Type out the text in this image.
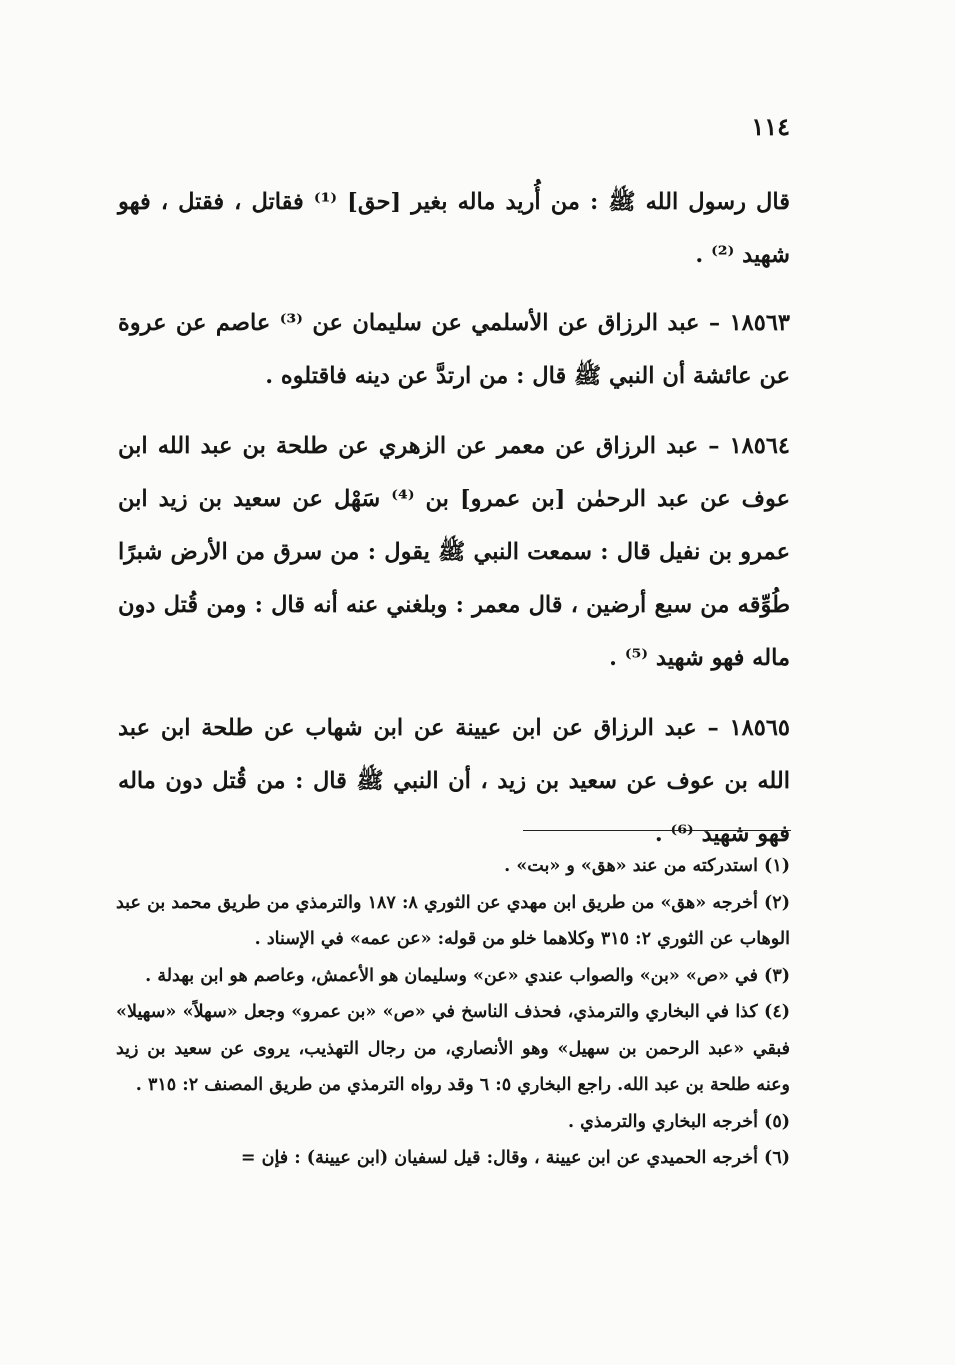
١١٤

قال رسول الله ﷺ : من أُريد ماله بغير [حق] ⁽¹⁾ فقاتل ، فقتل ، فهو شهيد ⁽²⁾ .

١٨٥٦٣ – عبد الرزاق عن الأسلمي عن سليمان عن ⁽³⁾ عاصم عن عروة عن عائشة أن النبي ﷺ قال : من ارتدَّ عن دينه فاقتلوه .

١٨٥٦٤ – عبد الرزاق عن معمر عن الزهري عن طلحة بن عبد الله ابن عوف عن عبد الرحمٰن [بن عمرو] بن ⁽⁴⁾ سَهْل عن سعيد بن زيد ابن عمرو بن نفيل قال : سمعت النبي ﷺ يقول : من سرق من الأرض شبرًا طُوِّقه من سبع أرضين ، قال معمر : وبلغني عنه أنه قال : ومن قُتل دون ماله فهو شهيد ⁽⁵⁾ .

١٨٥٦٥ – عبد الرزاق عن ابن عيينة عن ابن شهاب عن طلحة ابن عبد الله بن عوف عن سعيد بن زيد ، أن النبي ﷺ قال : من قُتل دون ماله فهو شهيد ⁽⁶⁾ .

(١) استدركته من عند «هق» و «بت» .

(٢) أخرجه «هق» من طريق ابن مهدي عن الثوري ٨: ١٨٧ والترمذي من طريق محمد بن عبد الوهاب عن الثوري ٢: ٣١٥ وكلاهما خلو من قوله: «عن عمه» في الإسناد .

(٣) في «ص» «بن» والصواب عندي «عن» وسليمان هو الأعمش، وعاصم هو ابن بهدلة .

(٤) كذا في البخاري والترمذي، فحذف الناسخ في «ص» «بن عمرو» وجعل «سهلاً» «سهيلا» فبقي «عبد الرحمن بن سهيل» وهو الأنصاري، من رجال التهذيب، يروى عن سعيد بن زيد وعنه طلحة بن عبد الله. راجع البخاري ٥: ٦ وقد رواه الترمذي من طريق المصنف ٢: ٣١٥ .

(٥) أخرجه البخاري والترمذي .

(٦) أخرجه الحميدي عن ابن عيينة ، وقال: قيل لسفيان (ابن عيينة) : فإن =
